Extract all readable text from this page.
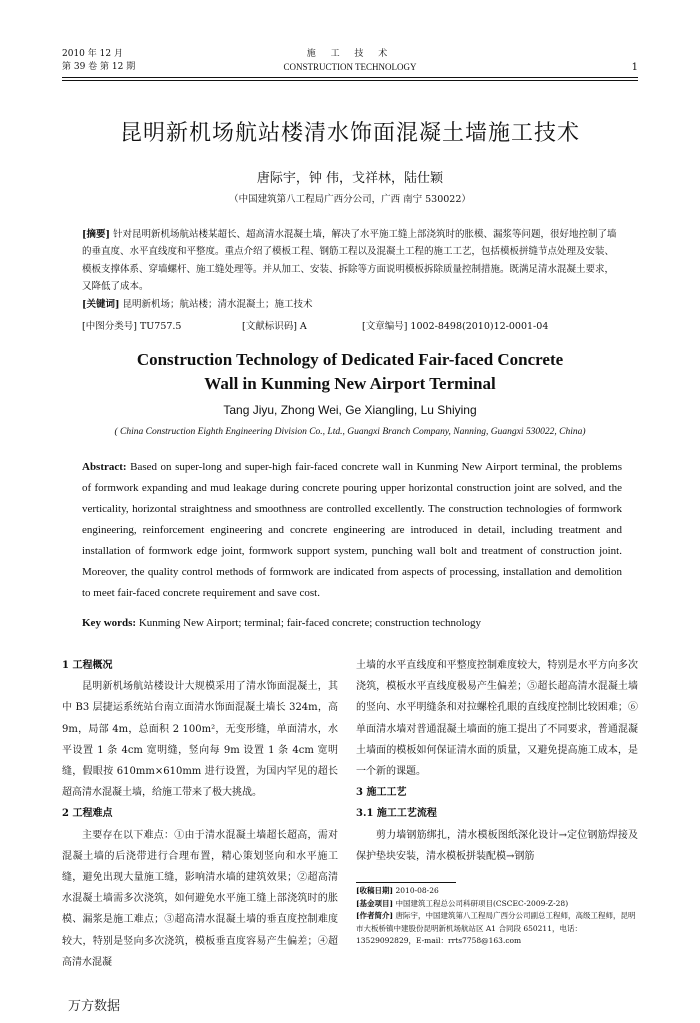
2010 年 12 月
第 39 卷 第 12 期
施 工 技 术
CONSTRUCTION TECHNOLOGY	1
昆明新机场航站楼清水饰面混凝土墙施工技术
唐际宇，钟 伟，戈祥林，陆仕颖
（中国建筑第八工程局广西分公司，广西 南宁 530022）
[摘要] 针对昆明新机场航站楼某超长、超高清水混凝土墙，解决了水平施工缝上部浇筑时的胀模、漏浆等问题，很好地控制了墙的垂直度、水平直线度和平整度。重点介绍了模板工程、钢筋工程以及混凝土工程的施工工艺，包括模板拼缝节点处理及安装、模板支撑体系、穿墙螺杆、施工缝处理等。并从加工、安装、拆除等方面说明模板拆除质量控制措施。既满足清水混凝土要求，又降低了成本。
[关键词] 昆明新机场；航站楼；清水混凝土；施工技术
[中图分类号] TU757.5	[文献标识码] A	[文章编号] 1002-8498(2010)12-0001-04
Construction Technology of Dedicated Fair-faced Concrete
Wall in Kunming New Airport Terminal
Tang Jiyu, Zhong Wei, Ge Xiangling, Lu Shiying
( China Construction Eighth Engineering Division Co., Ltd., Guangxi Branch Company, Nanning, Guangxi 530022, China)
Abstract: Based on super-long and super-high fair-faced concrete wall in Kunming New Airport terminal, the problems of formwork expanding and mud leakage during concrete pouring upper horizontal construction joint are solved, and the verticality, horizontal straightness and smoothness are controlled excellently. The construction technologies of formwork engineering, reinforcement engineering and concrete engineering are introduced in detail, including treatment and installation of formwork edge joint, formwork support system, punching wall bolt and treatment of construction joint. Moreover, the quality control methods of formwork are indicated from aspects of processing, installation and demolition to meet fair-faced concrete requirement and save cost.
Key words: Kunming New Airport; terminal; fair-faced concrete; construction technology
1 工程概况
昆明新机场航站楼设计大规模采用了清水饰面混凝土，其中 B3 层捷运系统站台南立面清水饰面混凝土墙长 324m，高 9m，局部 4m，总面积 2 100m²，无变形缝，单面清水，水平设置 1 条 4cm 宽明缝，竖向每 9m 设置 1 条 4cm 宽明缝，假眼按 610mm×610mm 进行设置，为国内罕见的超长超高清水混凝土墙，给施工带来了极大挑战。
2 工程难点
主要存在以下难点：①由于清水混凝土墙超长超高，需对混凝土墙的后浇带进行合理布置，精心策划竖向和水平施工缝，避免出现大量施工缝，影响清水墙的建筑效果；②超高清水混凝土墙需多次浇筑，如何避免水平施工缝上部浇筑时的胀模、漏浆是施工难点；③超高清水混凝土墙的垂直度控制难度较大，特别是竖向多次浇筑，模板垂直度容易产生偏差；④超高清水混凝
土墙的水平直线度和平整度控制难度较大，特别是水平方向多次浇筑，模板水平直线度极易产生偏差；⑤超长超高清水混凝土墙的竖向、水平明缝条和对拉螺栓孔眼的直线度控制比较困难；⑥单面清水墙对普通混凝土墙面的施工提出了不同要求，普通混凝土墙面的模板如何保证清水面的质量，又避免提高施工成本，是一个新的课题。
3 施工工艺
3.1 施工工艺流程
剪力墙钢筋绑扎，清水模板图纸深化设计→定位钢筋焊接及保护垫块安装，清水模板拼装配模→钢筋
[收稿日期] 2010-08-26
[基金项目] 中国建筑工程总公司科研项目(CSCEC-2009-Z-28)
[作者简介] 唐际宇，中国建筑第八工程局广西分公司副总工程师，高级工程师，昆明市大板桥镇中建股份昆明新机场航站区 A1 合同段 650211，电话：13529092829，E-mail：rrts7758@163.com
万方数据
